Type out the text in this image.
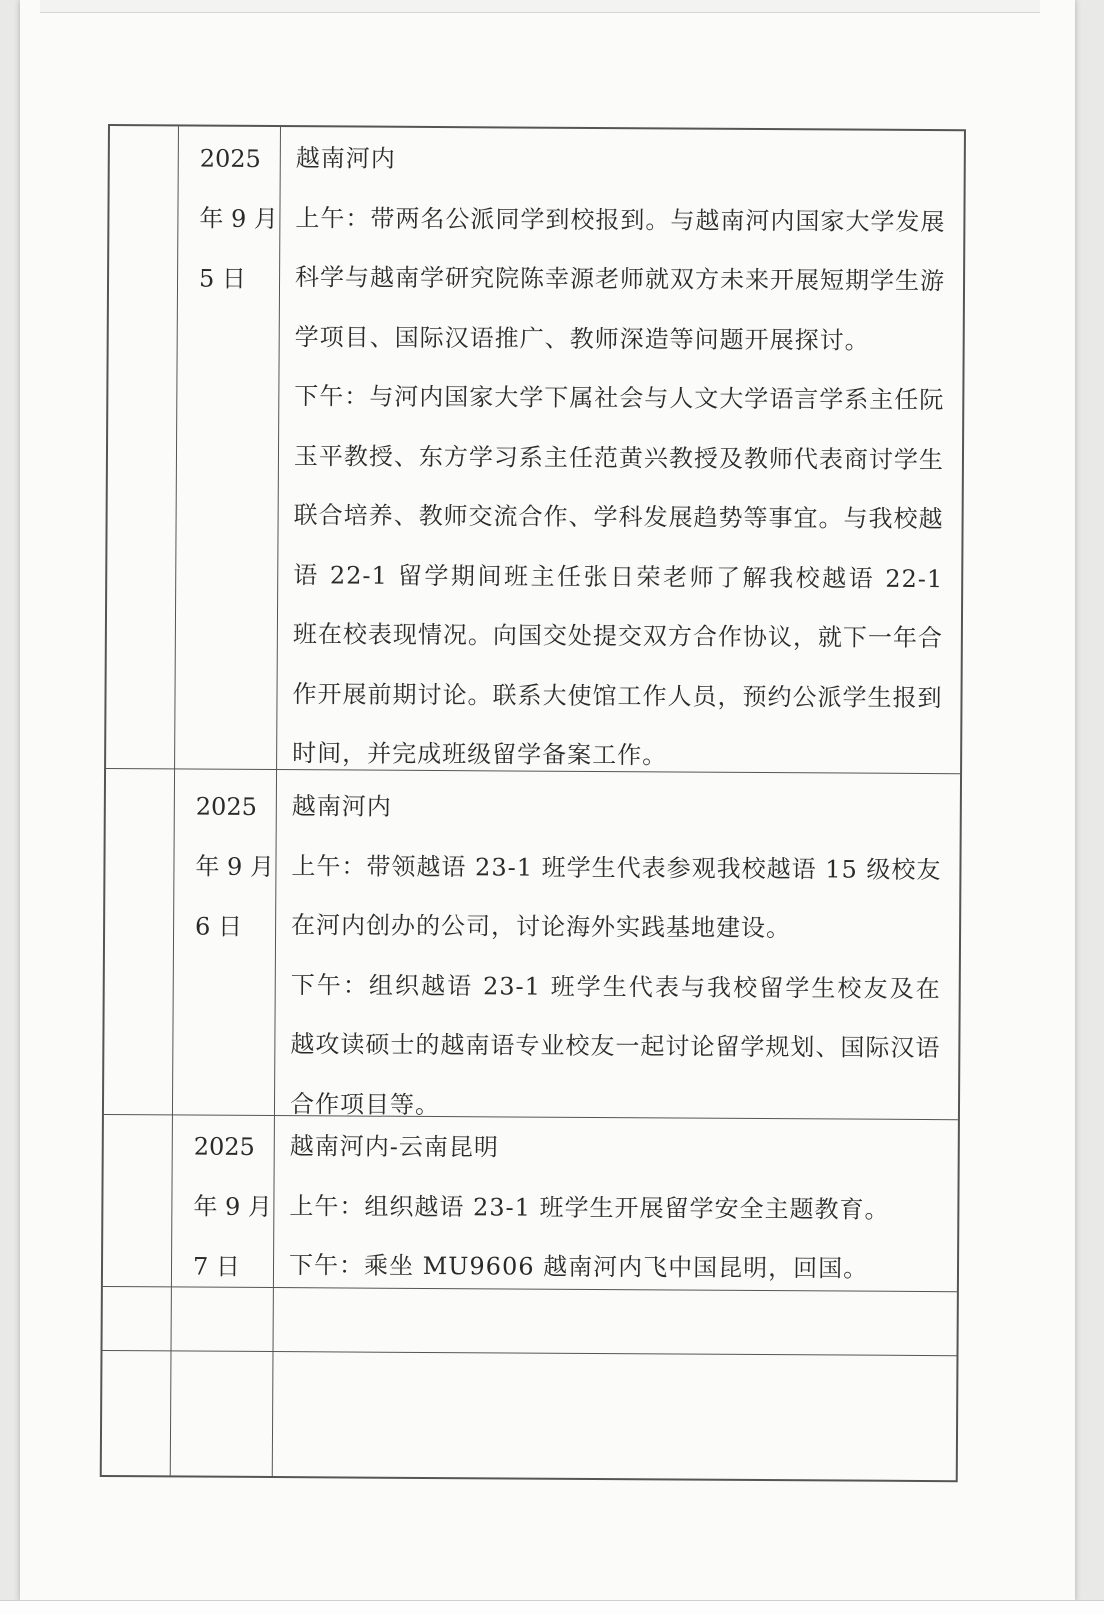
2025
年 9 月
5 日

越南河内

上午：带两名公派同学到校报到。与越南河内国家大学发展科学与越南学研究院陈幸源老师就双方未来开展短期学生游学项目、国际汉语推广、教师深造等问题开展探讨。

下午：与河内国家大学下属社会与人文大学语言学系主任阮玉平教授、东方学习系主任范黄兴教授及教师代表商讨学生联合培养、教师交流合作、学科发展趋势等事宜。与我校越语 22-1 留学期间班主任张日荣老师了解我校越语 22-1 班在校表现情况。向国交处提交双方合作协议，就下一年合作开展前期讨论。联系大使馆工作人员，预约公派学生报到时间，并完成班级留学备案工作。

2025
年 9 月
6 日

越南河内

上午：带领越语 23-1 班学生代表参观我校越语 15 级校友在河内创办的公司，讨论海外实践基地建设。

下午：组织越语 23-1 班学生代表与我校留学生校友及在越攻读硕士的越南语专业校友一起讨论留学规划、国际汉语合作项目等。

2025
年 9 月
7 日

越南河内-云南昆明

上午：组织越语 23-1 班学生开展留学安全主题教育。

下午：乘坐 MU9606 越南河内飞中国昆明，回国。
